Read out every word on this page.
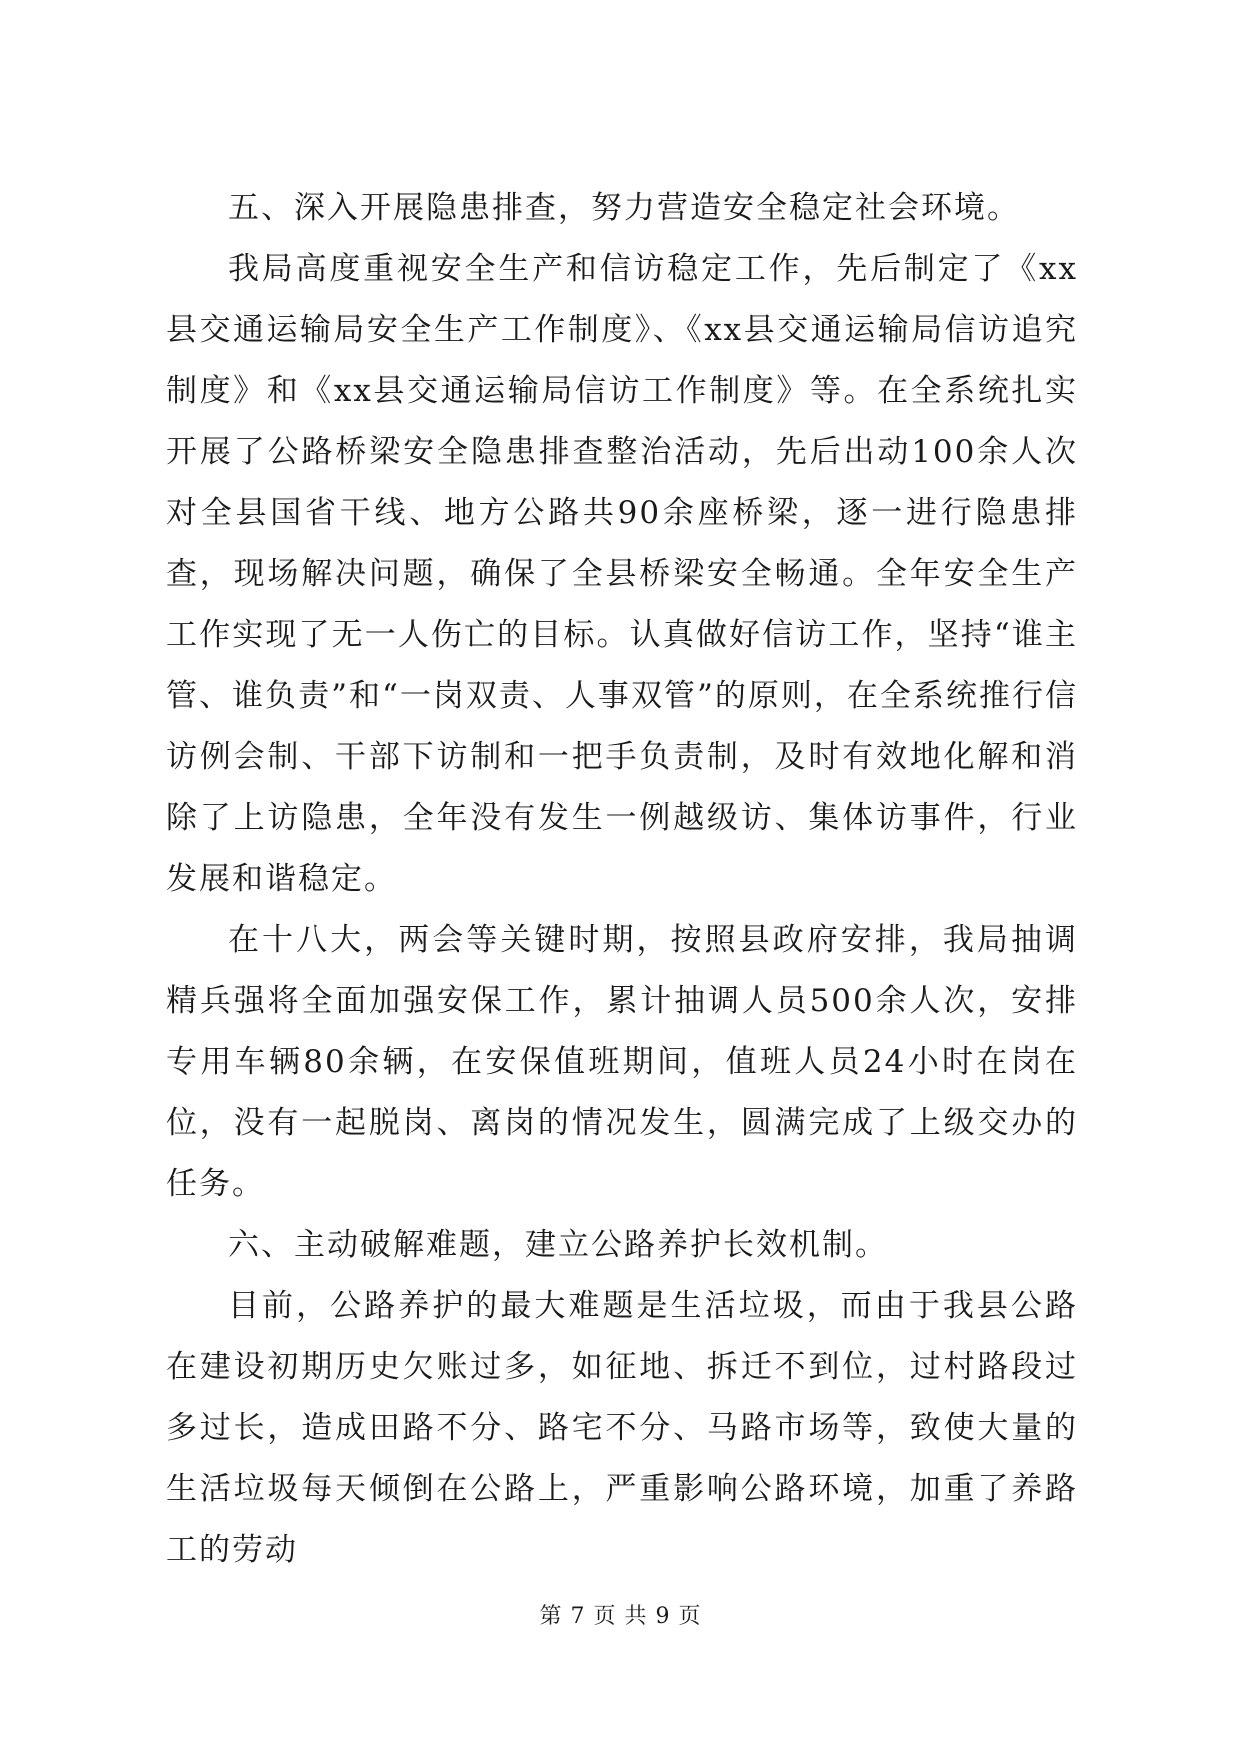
五、深入开展隐患排查，努力营造安全稳定社会环境。

我局高度重视安全生产和信访稳定工作，先后制定了《xx县交通运输局安全生产工作制度》、《xx县交通运输局信访追究制度》和《xx县交通运输局信访工作制度》等。在全系统扎实开展了公路桥梁安全隐患排查整治活动，先后出动100余人次对全县国省干线、地方公路共90余座桥梁，逐一进行隐患排查，现场解决问题，确保了全县桥梁安全畅通。全年安全生产工作实现了无一人伤亡的目标。认真做好信访工作，坚持“谁主管、谁负责”和“一岗双责、人事双管”的原则，在全系统推行信访例会制、干部下访制和一把手负责制，及时有效地化解和消除了上访隐患，全年没有发生一例越级访、集体访事件，行业发展和谐稳定。

在十八大，两会等关键时期，按照县政府安排，我局抽调精兵强将全面加强安保工作，累计抽调人员500余人次，安排专用车辆80余辆，在安保值班期间，值班人员24小时在岗在位，没有一起脱岗、离岗的情况发生，圆满完成了上级交办的任务。

六、主动破解难题，建立公路养护长效机制。

目前，公路养护的最大难题是生活垃圾，而由于我县公路在建设初期历史欠账过多，如征地、拆迁不到位，过村路段过多过长，造成田路不分、路宅不分、马路市场等，致使大量的生活垃圾每天倾倒在公路上，严重影响公路环境，加重了养路工的劳动

第 7 页 共 9 页
